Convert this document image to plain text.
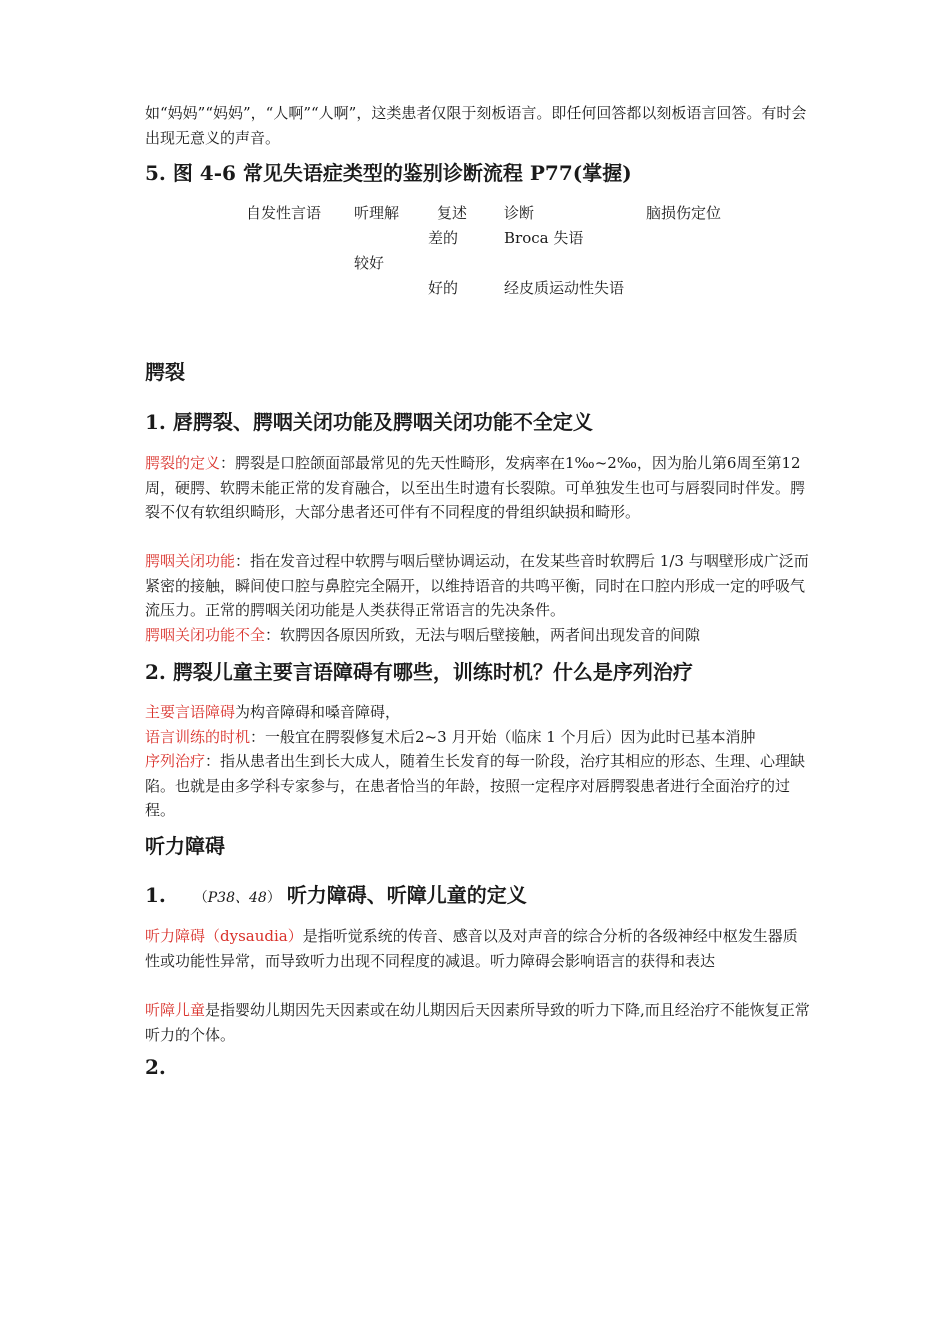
如“妈妈”“妈妈”，“人啊”“人啊”，这类患者仅限于刻板语言。即任何回答都以刻板语言回答。有时会出现无意义的声音。

5. 图 4-6 常见失语症类型的鉴别诊断流程 P77(掌握)
自发性言语 听理解	复述 诊断	脑损伤定位
差的	Broca 失语
较好
好的	经皮质运动性失语
腭裂
1. 唇腭裂、腭咽关闭功能及腭咽关闭功能不全定义

腭裂的定义：腭裂是口腔颌面部最常见的先天性畸形，发病率在1‰~2‰，因为胎儿第6周至第12周，硬腭、软腭未能正常的发育融合，以至出生时遗有长裂隙。可单独发生也可与唇裂同时伴发。腭裂不仅有软组织畸形，大部分患者还可伴有不同程度的骨组织缺损和畸形。

腭咽关闭功能：指在发音过程中软腭与咽后壁协调运动，在发某些音时软腭后 1/3 与咽壁形成广泛而紧密的接触，瞬间使口腔与鼻腔完全隔开，以维持语音的共鸣平衡，同时在口腔内形成一定的呼吸气流压力。正常的腭咽关闭功能是人类获得正常语言的先决条件。

腭咽关闭功能不全：软腭因各原因所致，无法与咽后壁接触，两者间出现发音的间隙

2. 腭裂儿童主要言语障碍有哪些，训练时机？什么是序列治疗

主要言语障碍为构音障碍和嗓音障碍，

语言训练的时机：一般宜在腭裂修复术后2~3 月开始（临床 1 个月后）因为此时已基本消肿

序列治疗：指从患者出生到长大成人，随着生长发育的每一阶段，治疗其相应的形态、生理、心理缺陷。也就是由多学科专家参与，在患者恰当的年龄，按照一定程序对唇腭裂患者进行全面治疗的过程。

听力障碍
1. （P38、48） 听力障碍、听障儿童的定义

听力障碍（dysaudia）是指听觉系统的传音、感音以及对声音的综合分析的各级神经中枢发生器质性或功能性异常，而导致听力出现不同程度的减退。听力障碍会影响语言的获得和表达

听障儿童是指婴幼儿期因先天因素或在幼儿期因后天因素所导致的听力下降,而且经治疗不能恢复正常听力的个体。

2.
